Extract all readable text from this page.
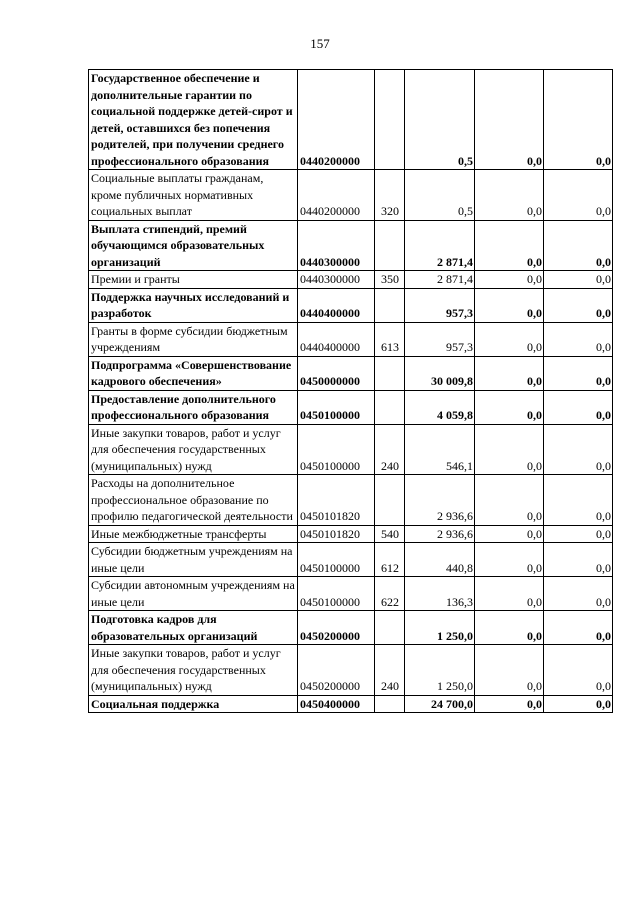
157
Государственное обеспечение и дополнительные гарантии по социальной поддержке детей-сирот и детей, оставшихся без попечения родителей, при получении среднего профессионального образования	0440200000		0,5	0,0	0,0
Социальные выплаты гражданам, кроме публичных нормативных социальных выплат	0440200000	320	0,5	0,0	0,0
Выплата стипендий, премий обучающимся образовательных организаций	0440300000		2 871,4	0,0	0,0
Премии и гранты	0440300000	350	2 871,4	0,0	0,0
Поддержка научных исследований и разработок	0440400000		957,3	0,0	0,0
Гранты в форме субсидии бюджетным учреждениям	0440400000	613	957,3	0,0	0,0
Подпрограмма «Совершенствование кадрового обеспечения»	0450000000		30 009,8	0,0	0,0
Предоставление дополнительного профессионального образования	0450100000		4 059,8	0,0	0,0
Иные закупки товаров, работ и услуг для обеспечения государственных (муниципальных) нужд	0450100000	240	546,1	0,0	0,0
Расходы на дополнительное профессиональное образование по профилю педагогической деятельности	0450101820		2 936,6	0,0	0,0
Иные межбюджетные трансферты	0450101820	540	2 936,6	0,0	0,0
Субсидии бюджетным учреждениям на иные цели	0450100000	612	440,8	0,0	0,0
Субсидии автономным учреждениям на иные цели	0450100000	622	136,3	0,0	0,0
Подготовка кадров для образовательных организаций	0450200000		1 250,0	0,0	0,0
Иные закупки товаров, работ и услуг для обеспечения государственных (муниципальных) нужд	0450200000	240	1 250,0	0,0	0,0
Социальная поддержка	0450400000		24 700,0	0,0	0,0
